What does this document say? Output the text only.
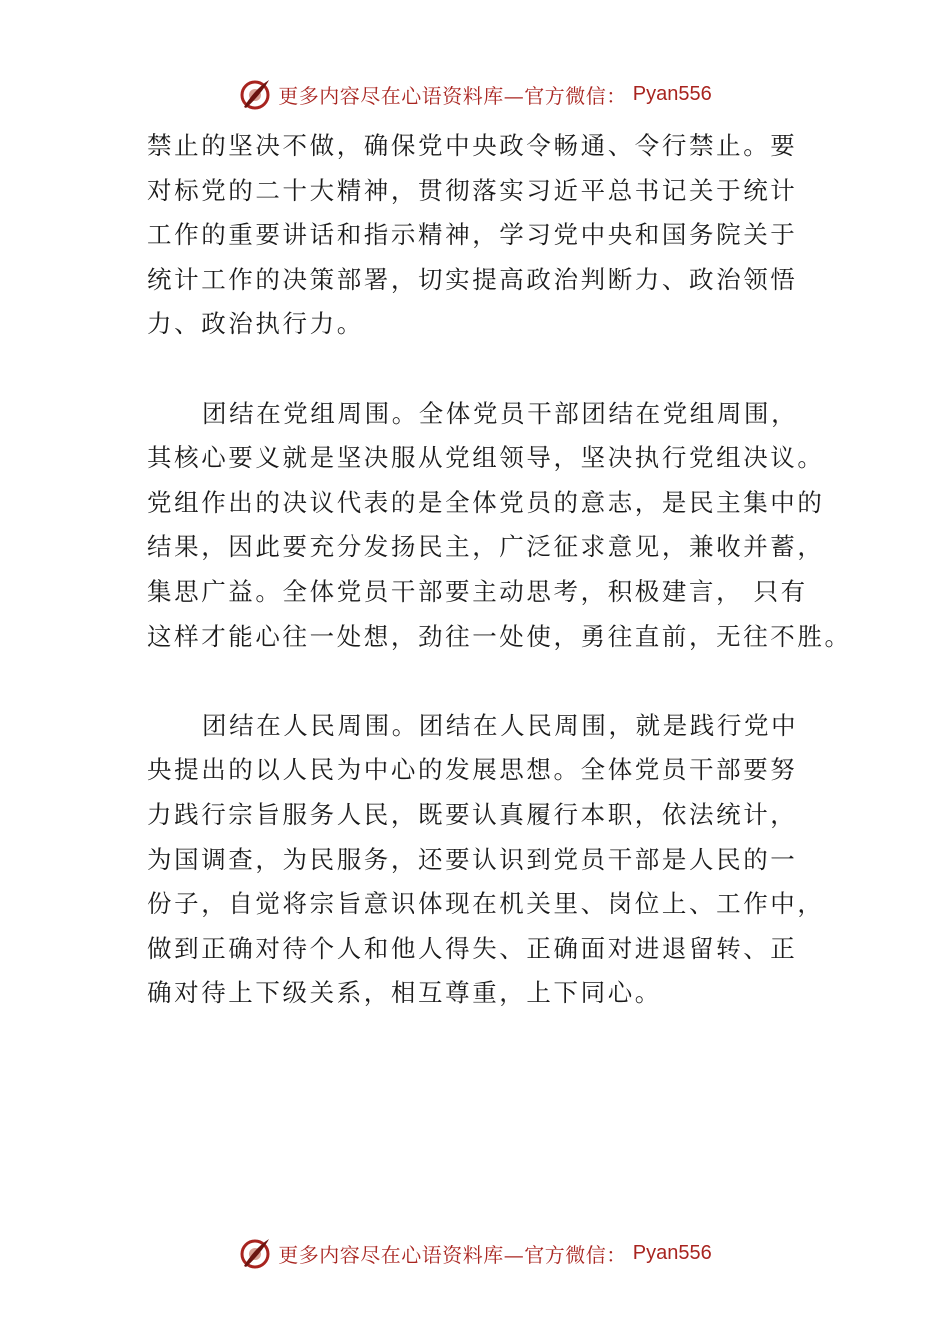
更多内容尽在心语资料库—官方微信： Pyan556
禁止的坚决不做，确保党中央政令畅通、令行禁止。要
对标党的二十大精神，贯彻落实习近平总书记关于统计
工作的重要讲话和指示精神，学习党中央和国务院关于
统计工作的决策部署，切实提高政治判断力、政治领悟
力、政治执行力。
团结在党组周围。全体党员干部团结在党组周围，
其核心要义就是坚决服从党组领导，坚决执行党组决议。
党组作出的决议代表的是全体党员的意志，是民主集中的
结果，因此要充分发扬民主，广泛征求意见，兼收并蓄，
集思广益。全体党员干部要主动思考，积极建言， 只有
这样才能心往一处想，劲往一处使，勇往直前，无往不胜。
团结在人民周围。团结在人民周围，就是践行党中
央提出的以人民为中心的发展思想。全体党员干部要努
力践行宗旨服务人民，既要认真履行本职，依法统计，
为国调查，为民服务，还要认识到党员干部是人民的一
份子，自觉将宗旨意识体现在机关里、岗位上、工作中，
做到正确对待个人和他人得失、正确面对进退留转、正
确对待上下级关系，相互尊重，上下同心。
更多内容尽在心语资料库—官方微信： Pyan556
